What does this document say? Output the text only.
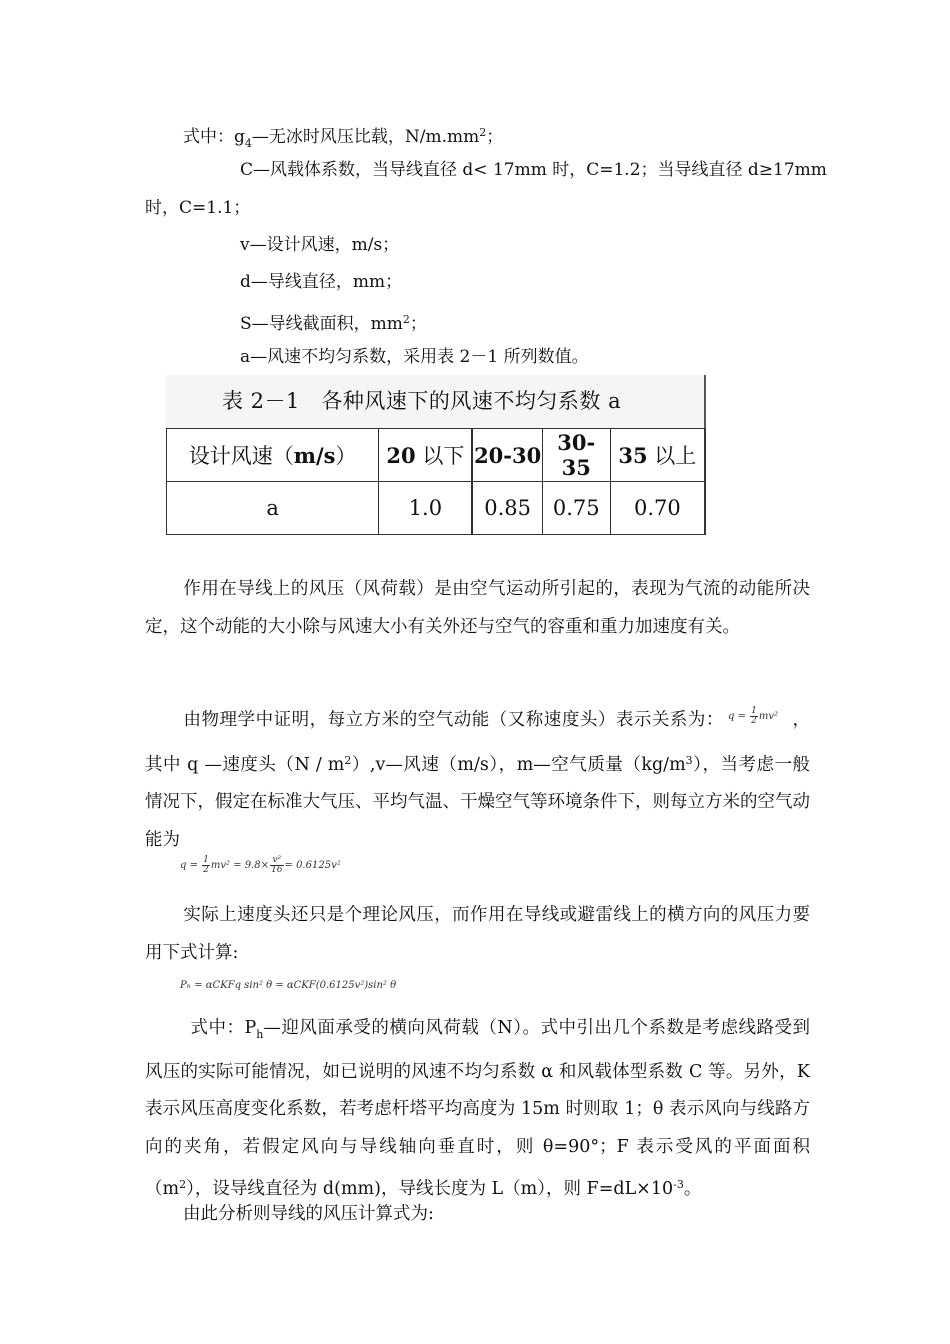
式中：$g_4—$无冰时风压比载，$N/m.mm^2$；
C—风载体系数，当导线直径 d< 17mm 时，C=1.2；当导线直径 d≥17mm
时，C=1.1；
v—设计风速，m/s；
d—导线直径，mm；
S—导线截面积，$mm^2$；
a—风速不均匀系数，采用表 2－1 所列数值。
表 2－1　各种风速下的风速不均匀系数 a
设计风速（m/s）	20 以下	20-30	30-35	35 以上
a	1.0	0.85	0.75	0.70
作用在导线上的风压（风荷载）是由空气运动所引起的，表现为气流的动能所决定，这个动能的大小除与风速大小有关外还与空气的容重和重力加速度有关。
由物理学中证明，每立方米的空气动能（又称速度头）表示关系为： $q = \frac{1}{2} mv^2$ ，其中 q —速度头$(N / m^2),v—$风速（m/s），m—空气质量$(kg/m^3)$，当考虑一般情况下，假定在标准大气压、平均气温、干燥空气等环境条件下，则每立方米的空气动能为
$q = \frac{1}{2} mv^2 = 9.8\times \frac{\text{v²}}{16} = 0.6125v^2$
实际上速度头还只是个理论风压，而作用在导线或避雷线上的横方向的风压力要用下式计算:
Pₕ = αCKFq sin² θ = αCKF(0.6125v²)sin² θ
式中：$P_h—$迎风面承受的横向风荷载（N）。式中引出几个系数是考虑线路受到风压的实际可能情况，如已说明的风速不均匀系数 α 和风载体型系数 C 等。另外，K 表示风压高度变化系数，若考虑杆塔平均高度为 15m 时则取 1；θ 表示风向与线路方向的夹角，若假定风向与导线轴向垂直时，则 θ=90°；F 表示受风的平面面积$(m^2)$，设导线直径为 d(mm)，导线长度为 L（m），则 $F=dL\times 10^{-3}$。
由此分析则导线的风压计算式为:
